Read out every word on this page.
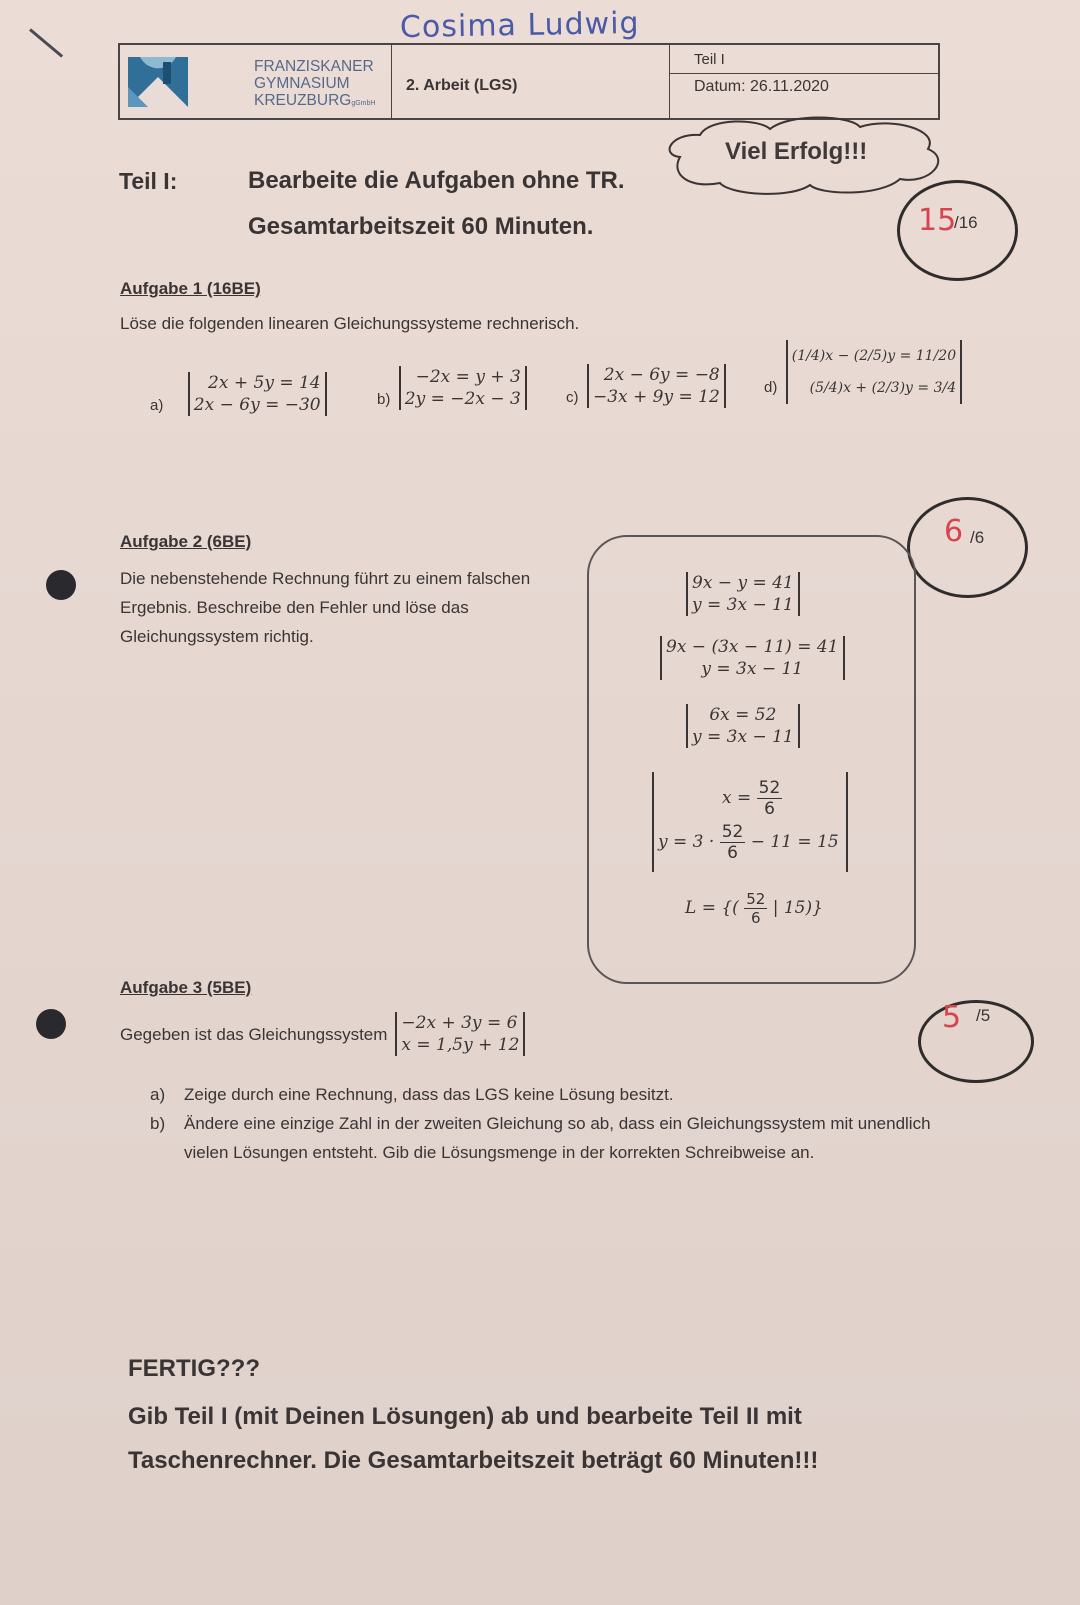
Cosima Ludwig
FRANZISKANER
GYMNASIUM
KREUZBURGgGmbH
2. Arbeit (LGS)
Teil I
Datum: 26.11.2020
Viel Erfolg!!!
Teil I:	Bearbeite die Aufgaben ohne TR.
Gesamtarbeitszeit 60 Minuten.	15
/16
Aufgabe 1 (16BE)
Löse die folgenden linearen Gleichungssysteme rechnerisch.
a)
2x + 5y = 14
2x − 6y = −30	b)
−2x = y + 3
2y = −2x − 3	c)
2x − 6y = −8
−3x + 9y = 12	d)
(1/4)x − (2/5)y = 11/20
(5/4)x + (2/3)y = 3/4
Aufgabe 2 (6BE)
Die nebenstehende Rechnung führt zu einem falschen Ergebnis. Beschreibe den Fehler und löse das Gleichungssystem richtig.
6 /6
9x − y = 41
y = 3x − 11
9x − (3x − 11) = 41
y = 3x − 11
6x = 52
y = 3x − 11
$x = \frac{52}{6}$
$y = 3 \cdot \frac{52}{6} - 11 = 15$
L = {( $\frac{52}{6}$ | 15)}
Aufgabe 3 (5BE)
Gegeben ist das Gleichungssystem
−2x + 3y = 6
x = 1,5y + 12
5 /5
a)	Zeige durch eine Rechnung, dass das LGS keine Lösung besitzt.
b)	Ändere eine einzige Zahl in der zweiten Gleichung so ab, dass ein Gleichungssystem mit unendlich vielen Lösungen entsteht. Gib die Lösungsmenge in der korrekten Schreibweise an.
FERTIG???
Gib Teil I (mit Deinen Lösungen) ab und bearbeite Teil II mit Taschenrechner. Die Gesamtarbeitszeit beträgt 60 Minuten!!!
